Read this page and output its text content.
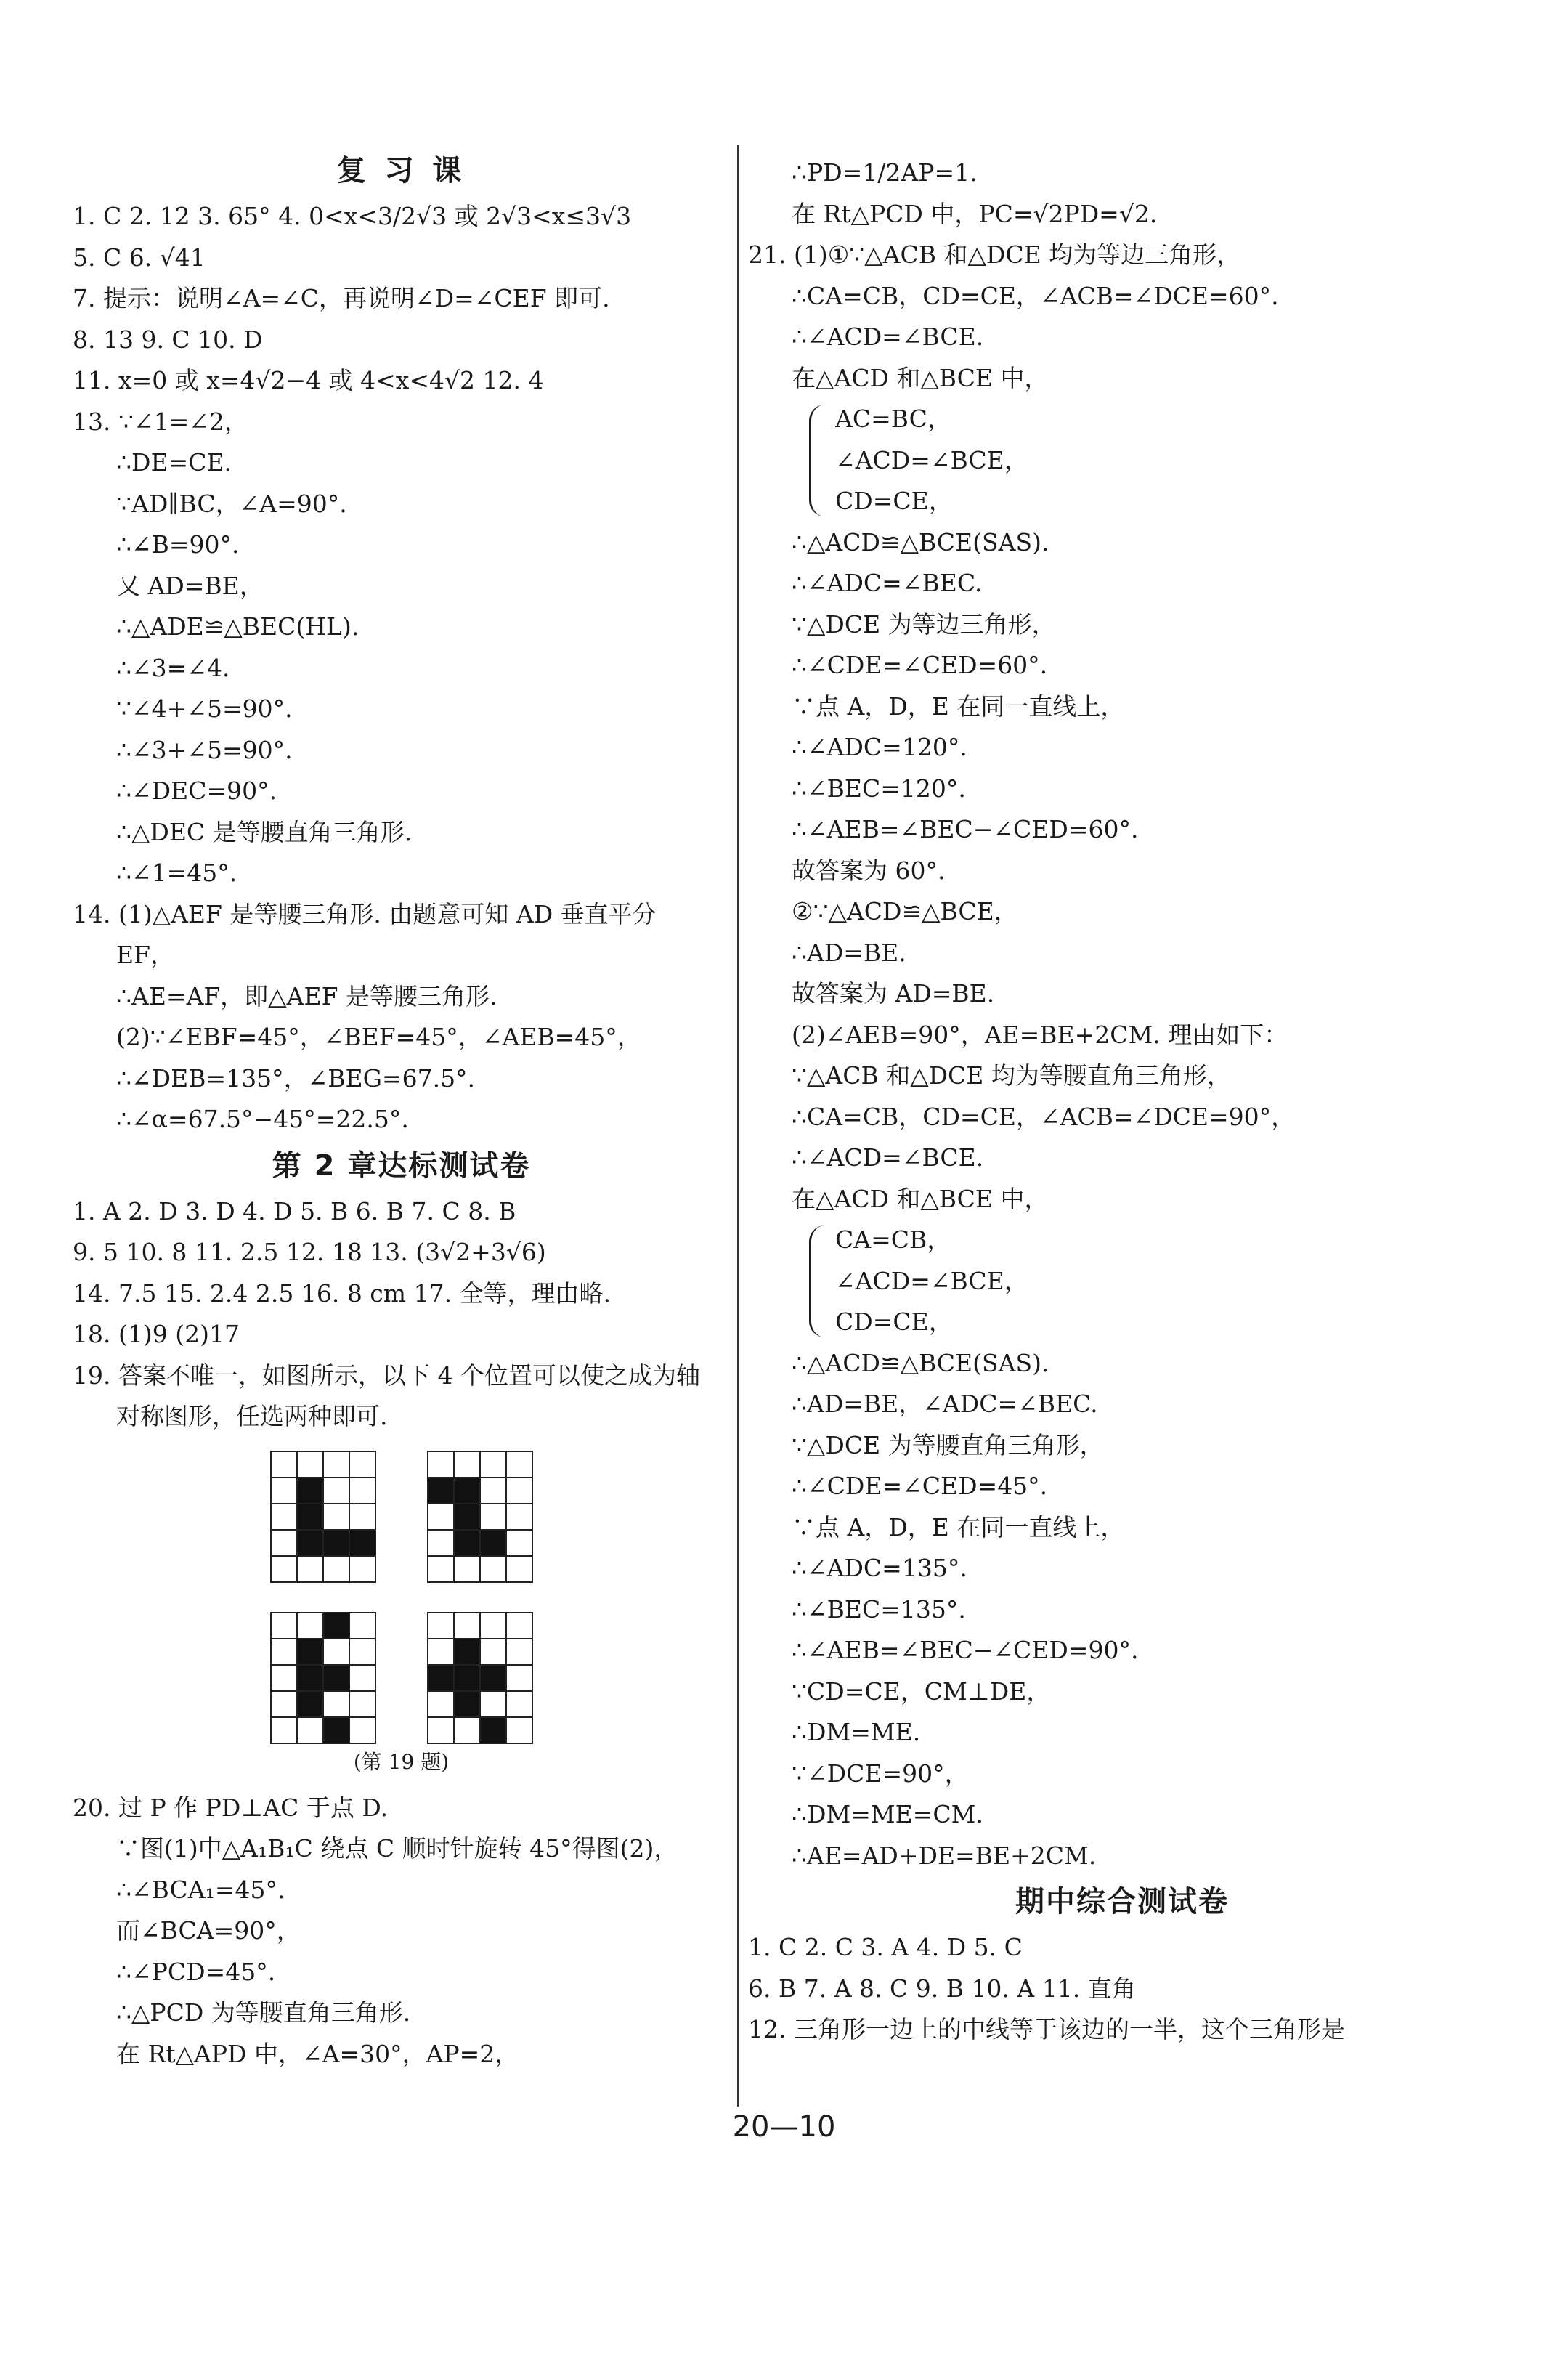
复 习 课
1. C 2. 12 3. 65° 4. 0<x<3/2√3 或 2√3<x≤3√3
5. C 6. √41
7. 提示：说明∠A=∠C，再说明∠D=∠CEF 即可.
8. 13 9. C 10. D
11. x=0 或 x=4√2−4 或 4<x<4√2 12. 4
13. ∵∠1=∠2，
∴DE=CE.
∵AD∥BC，∠A=90°.
∴∠B=90°.
又 AD=BE，
∴△ADE≌△BEC(HL).
∴∠3=∠4.
∵∠4+∠5=90°.
∴∠3+∠5=90°.
∴∠DEC=90°.
∴△DEC 是等腰直角三角形.
∴∠1=45°.
14. (1)△AEF 是等腰三角形. 由题意可知 AD 垂直平分
EF，
∴AE=AF，即△AEF 是等腰三角形.
(2)∵∠EBF=45°，∠BEF=45°，∠AEB=45°，
∴∠DEB=135°，∠BEG=67.5°.
∴∠α=67.5°−45°=22.5°.
第 2 章达标测试卷
1. A 2. D 3. D 4. D 5. B 6. B 7. C 8. B
9. 5 10. 8 11. 2.5 12. 18 13. (3√2+3√6)
14. 7.5 15. 2.4 2.5 16. 8 cm 17. 全等，理由略.
18. (1)9 (2)17
19. 答案不唯一，如图所示，以下 4 个位置可以使之成为轴
对称图形，任选两种即可.
(第 19 题)
20. 过 P 作 PD⊥AC 于点 D.
∵图(1)中△A₁B₁C 绕点 C 顺时针旋转 45°得图(2)，
∴∠BCA₁=45°.
而∠BCA=90°，
∴∠PCD=45°.
∴△PCD 为等腰直角三角形.
在 Rt△APD 中，∠A=30°，AP=2，
∴PD=1/2AP=1.
在 Rt△PCD 中，PC=√2PD=√2.
21. (1)①∵△ACB 和△DCE 均为等边三角形，
∴CA=CB，CD=CE，∠ACB=∠DCE=60°.
∴∠ACD=∠BCE.
在△ACD 和△BCE 中，
AC=BC，
∠ACD=∠BCE，
CD=CE，
∴△ACD≌△BCE(SAS).
∴∠ADC=∠BEC.
∵△DCE 为等边三角形，
∴∠CDE=∠CED=60°.
∵点 A，D，E 在同一直线上，
∴∠ADC=120°.
∴∠BEC=120°.
∴∠AEB=∠BEC−∠CED=60°.
故答案为 60°.
②∵△ACD≌△BCE，
∴AD=BE.
故答案为 AD=BE.
(2)∠AEB=90°，AE=BE+2CM. 理由如下：
∵△ACB 和△DCE 均为等腰直角三角形，
∴CA=CB，CD=CE，∠ACB=∠DCE=90°，
∴∠ACD=∠BCE.
在△ACD 和△BCE 中，
CA=CB，
∠ACD=∠BCE，
CD=CE，
∴△ACD≌△BCE(SAS).
∴AD=BE，∠ADC=∠BEC.
∵△DCE 为等腰直角三角形，
∴∠CDE=∠CED=45°.
∵点 A，D，E 在同一直线上，
∴∠ADC=135°.
∴∠BEC=135°.
∴∠AEB=∠BEC−∠CED=90°.
∵CD=CE，CM⊥DE，
∴DM=ME.
∵∠DCE=90°，
∴DM=ME=CM.
∴AE=AD+DE=BE+2CM.
期中综合测试卷
1. C 2. C 3. A 4. D 5. C
6. B 7. A 8. C 9. B 10. A 11. 直角
12. 三角形一边上的中线等于该边的一半，这个三角形是
20—10
